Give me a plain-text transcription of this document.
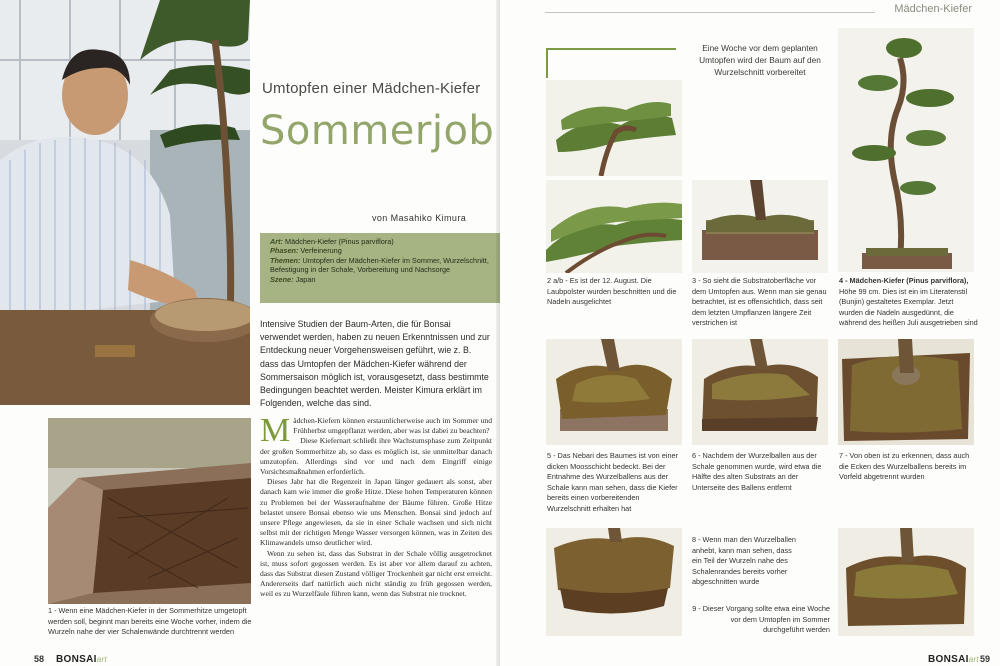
Umtopfen einer Mädchen-Kiefer
Sommerjob
von Masahiko Kimura
Art: Mädchen-Kiefer (Pinus parviflora)
Phasen: Verfeinerung
Themen: Umtopfen der Mädchen-Kiefer im Sommer, Wurzelschnitt, Befestigung in der Schale, Vorbereitung und Nachsorge
Szene: Japan
Intensive Studien der Baum-Arten, die für Bonsai verwendet werden, haben zu neuen Erkenntnissen und zur Entdeckung neuer Vorgehensweisen geführt, wie z. B. dass das Umtopfen der Mädchen-Kiefer während der Sommersaison möglich ist, vorausgesetzt, dass bestimmte Bedingungen beachtet werden. Meister Kimura erklärt im Folgenden, welche das sind.
1 - Wenn eine Mädchen-Kiefer in der Sommerhitze umgetopft werden soll, beginnt man bereits eine Woche vorher, indem die Wurzeln nahe der vier Schalenwände durchtrennt werden

Mädchen-Kiefern können erstaunlicherweise auch im Sommer und Frühherbst umgepflanzt werden, aber was ist dabei zu beachten?

Diese Kiefernart schließt ihre Wachstumsphase zum Zeitpunkt der großen Sommerhitze ab, so dass es möglich ist, sie unmittelbar danach umzutopfen. Allerdings sind vor und nach dem Eingriff einige Vorsichtsmaßnahmen erforderlich.

Dieses Jahr hat die Regenzeit in Japan länger gedauert als sonst, aber danach kam wie immer die große Hitze. Diese hohen Temperaturen können zu Problemen bei der Wasseraufnahme der Bäume führen. Große Hitze belastet unsere Bonsai ebenso wie uns Menschen. Bonsai sind jedoch auf unsere Pflege angewiesen, da sie in einer Schale wachsen und sich nicht selbst mit der richtigen Menge Wasser versorgen können, was in Zeiten des Klimawandels umso deutlicher wird.

Wenn zu sehen ist, dass das Substrat in der Schale völlig ausgetrocknet ist, muss sofort gegossen werden. Es ist aber vor allem darauf zu achten, dass das Substrat diesen Zustand völliger Trockenheit gar nicht erst erreicht. Andererseits darf natürlich auch nicht ständig zu früh gegossen werden, weil es zu Wurzelfäule führen kann, wenn das Substrat nie trocknet.

58 BONSAIart
Mädchen-Kiefer
Eine Woche vor dem geplanten Umtopfen wird der Baum auf den Wurzelschnitt vorbereitet
2 a/b - Es ist der 12. August. Die Laubpolster wurden beschnitten und die Nadeln ausgelichtet
3 - So sieht die Substratoberfläche vor dem Umtopfen aus. Wenn man sie genau betrachtet, ist es offensichtlich, dass seit dem letzten Umpflanzen längere Zeit verstrichen ist
4 - Mädchen-Kiefer (Pinus parviflora), Höhe 99 cm. Dies ist ein im Literatenstil (Bunjin) gestaltetes Exemplar. Jetzt wurden die Nadeln ausgedünnt, die während des heißen Juli ausgetrieben sind
5 - Das Nebari des Baumes ist von einer dicken Moosschicht bedeckt. Bei der Entnahme des Wurzelballens aus der Schale kann man sehen, dass die Kiefer bereits einen vorbereitenden Wurzelschnitt erhalten hat
6 - Nachdem der Wurzelballen aus der Schale genommen wurde, wird etwa die Hälfte des alten Substrats an der Unterseite des Ballens entfernt
7 - Von oben ist zu erkennen, dass auch die Ecken des Wurzelballens bereits im Vorfeld abgetrennt wurden
8 - Wenn man den Wurzelballen anhebt, kann man sehen, dass ein Teil der Wurzeln nahe des Schalenrandes bereits vorher abgeschnitten wurde
9 - Dieser Vorgang sollte etwa eine Woche vor dem Umtopfen im Sommer durchgeführt werden
BONSAIart 59
